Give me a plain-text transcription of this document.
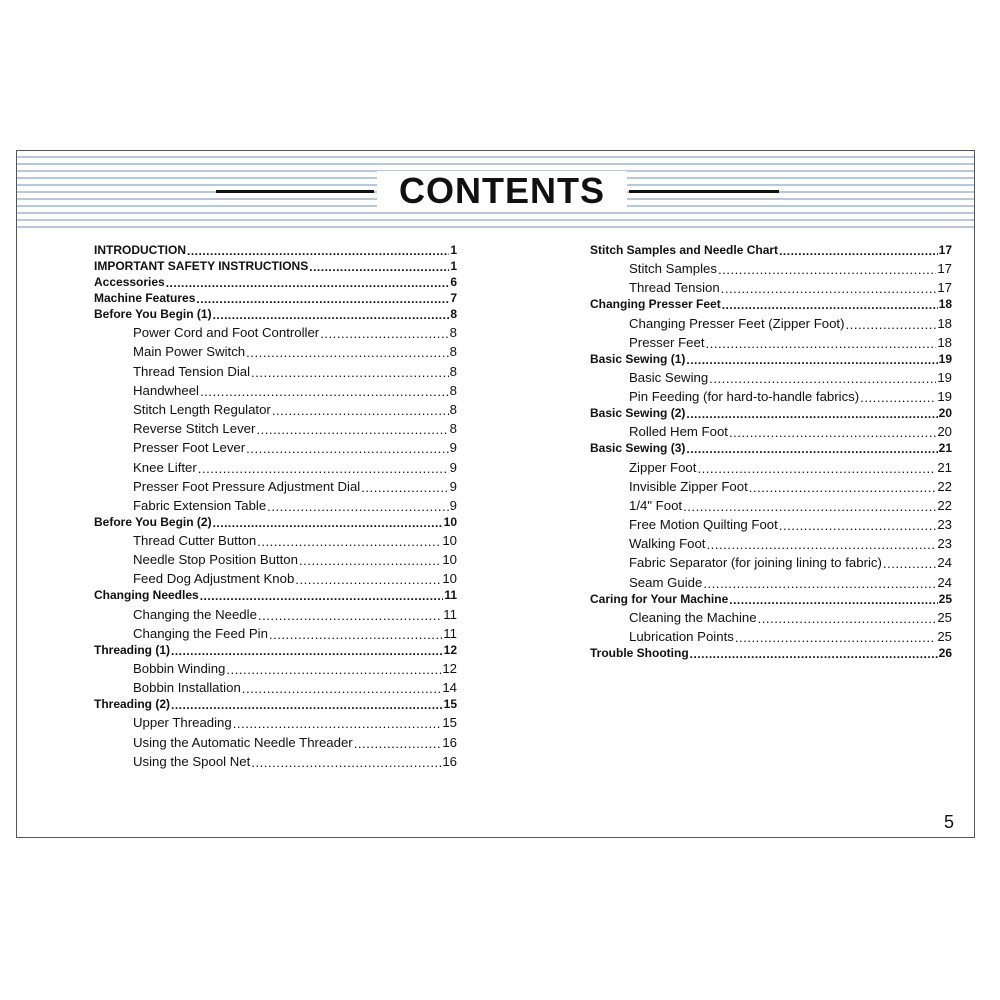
CONTENTS
INTRODUCTION .....	1
IMPORTANT SAFETY INSTRUCTIONS .....	1
Accessories .....	6
Machine Features .....	7
Before You Begin (1) .....	8
Power Cord and Foot Controller .....	8
Main Power Switch .....	8
Thread Tension Dial .....	8
Handwheel .....	8
Stitch Length Regulator .....	8
Reverse Stitch Lever .....	8
Presser Foot Lever .....	9
Knee Lifter .....	9
Presser Foot Pressure Adjustment Dial .....	9
Fabric Extension Table .....	9
Before You Begin (2) .....	10
Thread Cutter Button .....	10
Needle Stop Position Button .....	10
Feed Dog Adjustment Knob .....	10
Changing Needles .....	11
Changing the Needle .....	11
Changing the Feed Pin .....	11
Threading (1) .....	12
Bobbin Winding .....	12
Bobbin Installation .....	14
Threading (2) .....	15
Upper Threading .....	15
Using the Automatic Needle Threader .....	16
Using the Spool Net .....	16
Stitch Samples and Needle Chart .....	17
Stitch Samples .....	17
Thread Tension .....	17
Changing Presser Feet .....	18
Changing Presser Feet (Zipper Foot) .....	18
Presser Feet .....	18
Basic Sewing (1) .....	19
Basic Sewing .....	19
Pin Feeding (for hard-to-handle fabrics) .....	19
Basic Sewing (2) .....	20
Rolled Hem Foot .....	20
Basic Sewing (3) .....	21
Zipper Foot .....	21
Invisible Zipper Foot .....	22
1/4" Foot .....	22
Free Motion Quilting Foot .....	23
Walking Foot .....	23
Fabric Separator (for joining lining to fabric) .....	24
Seam Guide .....	24
Caring for Your Machine .....	25
Cleaning the Machine .....	25
Lubrication Points .....	25
Trouble Shooting .....	26
5
